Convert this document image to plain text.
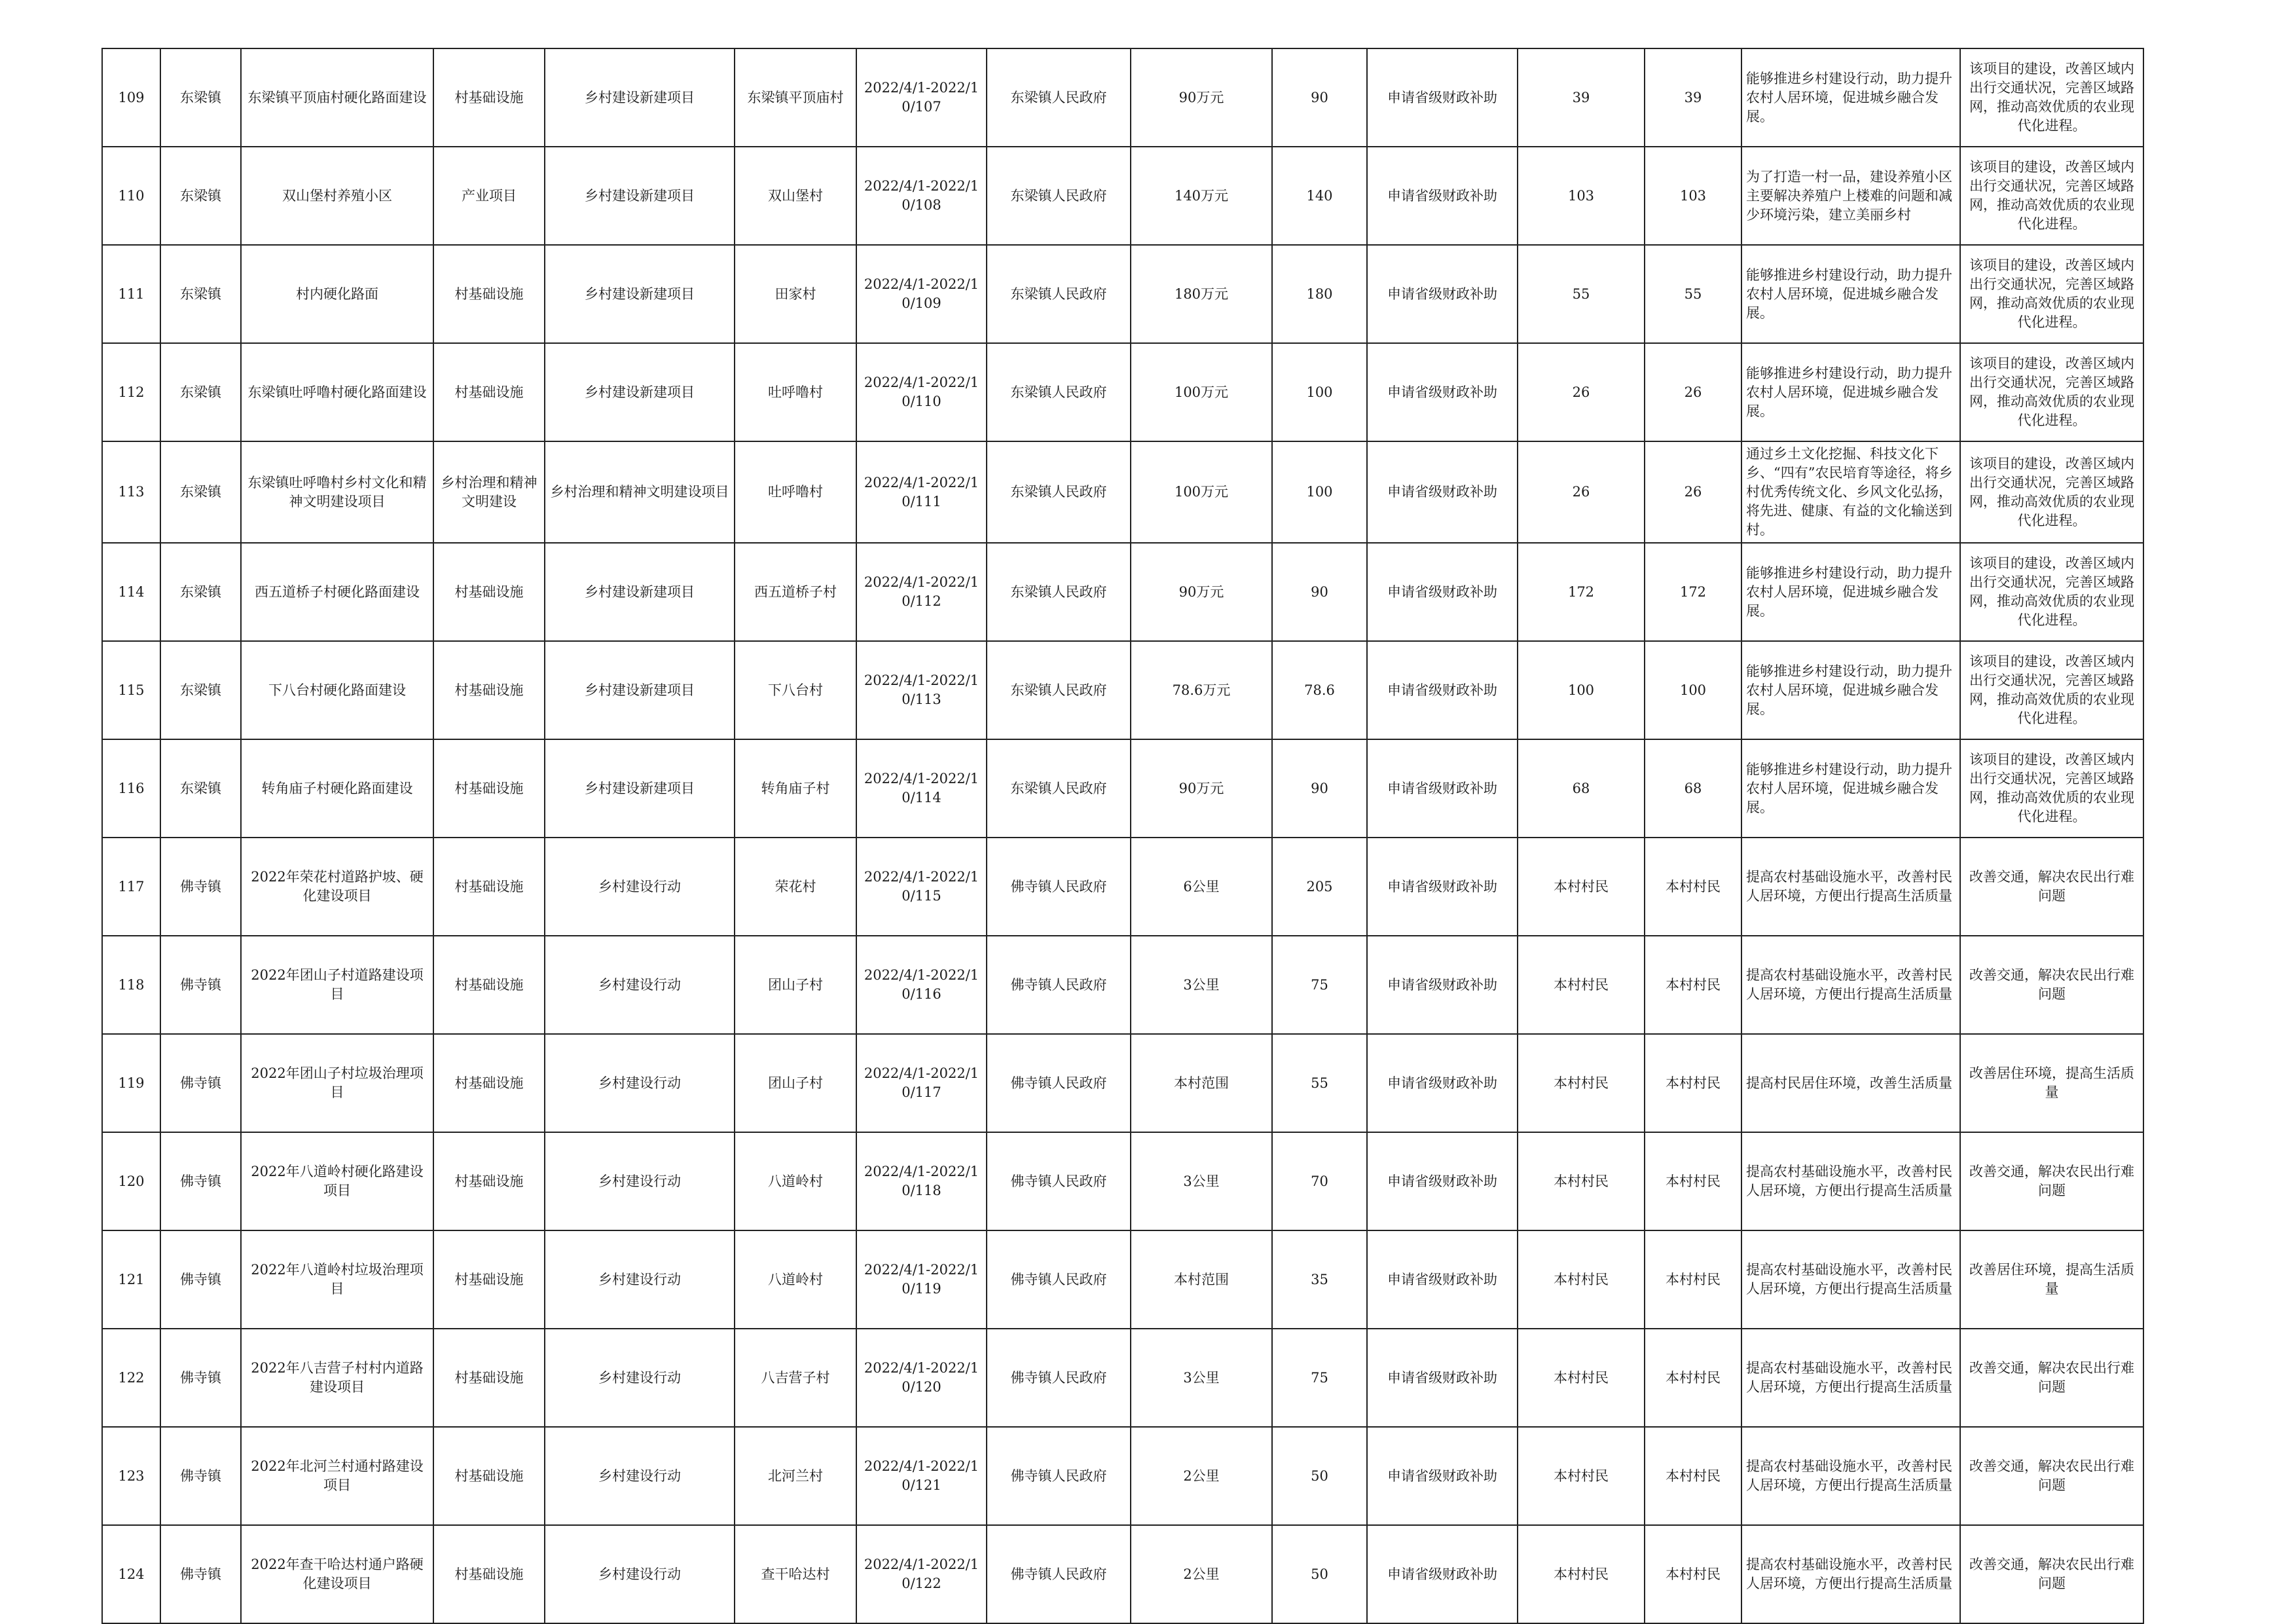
109	东梁镇	东梁镇平顶庙村硬化路面建设	村基础设施	乡村建设新建项目	东梁镇平顶庙村	2022/4/1-2022/10/107	东梁镇人民政府	90万元	90	申请省级财政补助	39	39	能够推进乡村建设行动，助力提升农村人居环境，促进城乡融合发展。	该项目的建设，改善区域内出行交通状况，完善区域路网，推动高效优质的农业现代化进程。
110	东梁镇	双山堡村养殖小区	产业项目	乡村建设新建项目	双山堡村	2022/4/1-2022/10/108	东梁镇人民政府	140万元	140	申请省级财政补助	103	103	为了打造一村一品，建设养殖小区主要解决养殖户上楼难的问题和减少环境污染，建立美丽乡村	该项目的建设，改善区域内出行交通状况，完善区域路网，推动高效优质的农业现代化进程。
111	东梁镇	村内硬化路面	村基础设施	乡村建设新建项目	田家村	2022/4/1-2022/10/109	东梁镇人民政府	180万元	180	申请省级财政补助	55	55	能够推进乡村建设行动，助力提升农村人居环境，促进城乡融合发展。	该项目的建设，改善区域内出行交通状况，完善区域路网，推动高效优质的农业现代化进程。
112	东梁镇	东梁镇吐呼噜村硬化路面建设	村基础设施	乡村建设新建项目	吐呼噜村	2022/4/1-2022/10/110	东梁镇人民政府	100万元	100	申请省级财政补助	26	26	能够推进乡村建设行动，助力提升农村人居环境，促进城乡融合发展。	该项目的建设，改善区域内出行交通状况，完善区域路网，推动高效优质的农业现代化进程。
113	东梁镇	东梁镇吐呼噜村乡村文化和精神文明建设项目	乡村治理和精神文明建设	乡村治理和精神文明建设项目	吐呼噜村	2022/4/1-2022/10/111	东梁镇人民政府	100万元	100	申请省级财政补助	26	26	通过乡土文化挖掘、科技文化下乡、“四有”农民培育等途径，将乡村优秀传统文化、乡风文化弘扬，将先进、健康、有益的文化输送到村。	该项目的建设，改善区域内出行交通状况，完善区域路网，推动高效优质的农业现代化进程。
114	东梁镇	西五道桥子村硬化路面建设	村基础设施	乡村建设新建项目	西五道桥子村	2022/4/1-2022/10/112	东梁镇人民政府	90万元	90	申请省级财政补助	172	172	能够推进乡村建设行动，助力提升农村人居环境，促进城乡融合发展。	该项目的建设，改善区域内出行交通状况，完善区域路网，推动高效优质的农业现代化进程。
115	东梁镇	下八台村硬化路面建设	村基础设施	乡村建设新建项目	下八台村	2022/4/1-2022/10/113	东梁镇人民政府	78.6万元	78.6	申请省级财政补助	100	100	能够推进乡村建设行动，助力提升农村人居环境，促进城乡融合发展。	该项目的建设，改善区域内出行交通状况，完善区域路网，推动高效优质的农业现代化进程。
116	东梁镇	转角庙子村硬化路面建设	村基础设施	乡村建设新建项目	转角庙子村	2022/4/1-2022/10/114	东梁镇人民政府	90万元	90	申请省级财政补助	68	68	能够推进乡村建设行动，助力提升农村人居环境，促进城乡融合发展。	该项目的建设，改善区域内出行交通状况，完善区域路网，推动高效优质的农业现代化进程。
117	佛寺镇	2022年荣花村道路护坡、硬化建设项目	村基础设施	乡村建设行动	荣花村	2022/4/1-2022/10/115	佛寺镇人民政府	6公里	205	申请省级财政补助	本村村民	本村村民	提高农村基础设施水平，改善村民人居环境，方便出行提高生活质量	改善交通，解决农民出行难问题
118	佛寺镇	2022年团山子村道路建设项目	村基础设施	乡村建设行动	团山子村	2022/4/1-2022/10/116	佛寺镇人民政府	3公里	75	申请省级财政补助	本村村民	本村村民	提高农村基础设施水平，改善村民人居环境，方便出行提高生活质量	改善交通，解决农民出行难问题
119	佛寺镇	2022年团山子村垃圾治理项目	村基础设施	乡村建设行动	团山子村	2022/4/1-2022/10/117	佛寺镇人民政府	本村范围	55	申请省级财政补助	本村村民	本村村民	提高村民居住环境，改善生活质量	改善居住环境，提高生活质量
120	佛寺镇	2022年八道岭村硬化路建设项目	村基础设施	乡村建设行动	八道岭村	2022/4/1-2022/10/118	佛寺镇人民政府	3公里	70	申请省级财政补助	本村村民	本村村民	提高农村基础设施水平，改善村民人居环境，方便出行提高生活质量	改善交通，解决农民出行难问题
121	佛寺镇	2022年八道岭村垃圾治理项目	村基础设施	乡村建设行动	八道岭村	2022/4/1-2022/10/119	佛寺镇人民政府	本村范围	35	申请省级财政补助	本村村民	本村村民	提高农村基础设施水平，改善村民人居环境，方便出行提高生活质量	改善居住环境，提高生活质量
122	佛寺镇	2022年八吉营子村村内道路建设项目	村基础设施	乡村建设行动	八吉营子村	2022/4/1-2022/10/120	佛寺镇人民政府	3公里	75	申请省级财政补助	本村村民	本村村民	提高农村基础设施水平，改善村民人居环境，方便出行提高生活质量	改善交通，解决农民出行难问题
123	佛寺镇	2022年北河兰村通村路建设项目	村基础设施	乡村建设行动	北河兰村	2022/4/1-2022/10/121	佛寺镇人民政府	2公里	50	申请省级财政补助	本村村民	本村村民	提高农村基础设施水平，改善村民人居环境，方便出行提高生活质量	改善交通，解决农民出行难问题
124	佛寺镇	2022年查干哈达村通户路硬化建设项目	村基础设施	乡村建设行动	查干哈达村	2022/4/1-2022/10/122	佛寺镇人民政府	2公里	50	申请省级财政补助	本村村民	本村村民	提高农村基础设施水平，改善村民人居环境，方便出行提高生活质量	改善交通，解决农民出行难问题
